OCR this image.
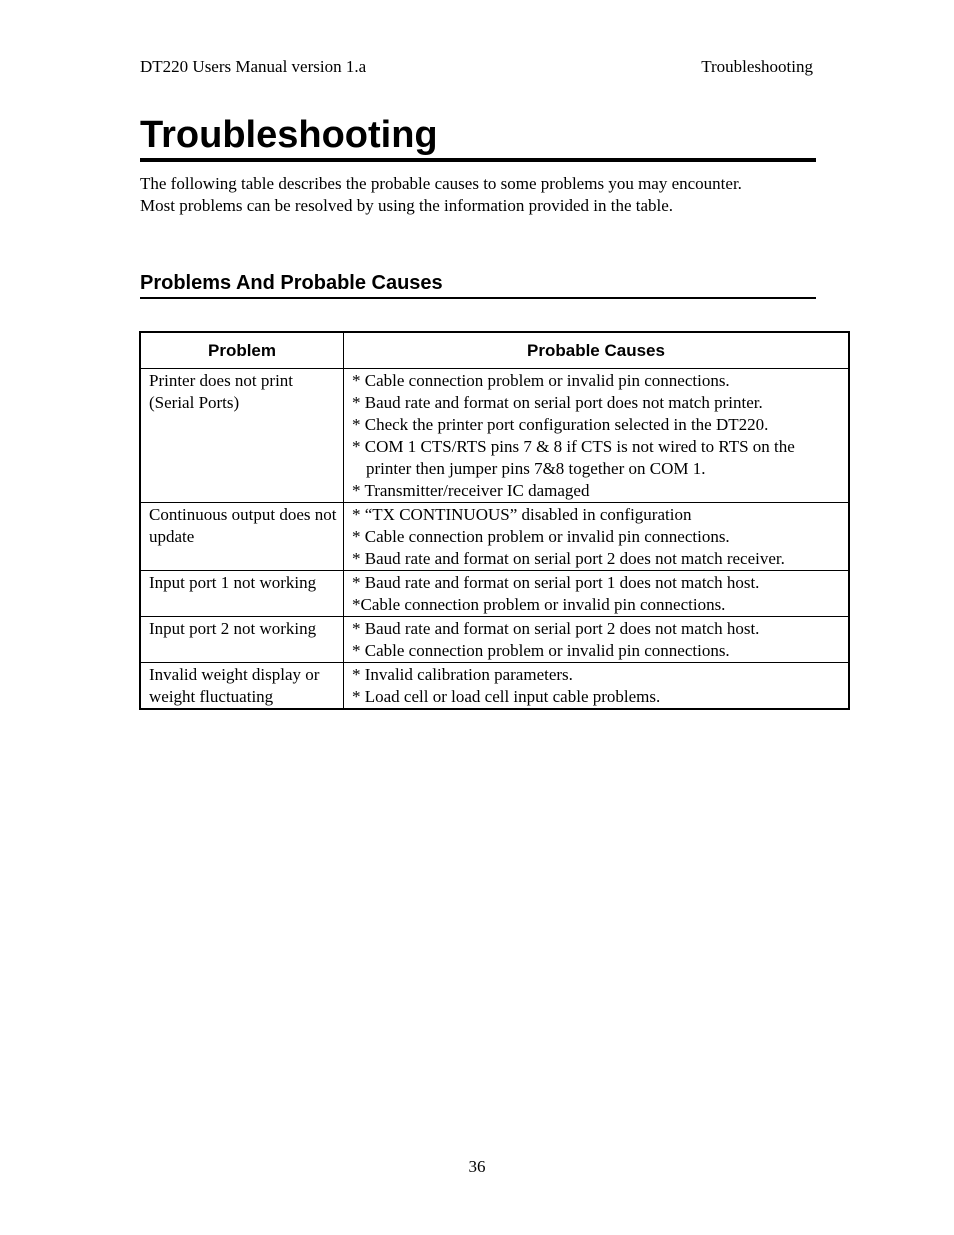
DT220 Users Manual version 1.a	Troubleshooting
Troubleshooting

The following table describes the probable causes to some problems you may encounter.

Most problems can be resolved by using the information provided in the table.

Problems And Probable Causes
Problem	Probable Causes
Printer does not print (Serial Ports)	* Cable connection problem or invalid pin connections.
* Baud rate and format on serial port does not match printer.
* Check the printer port configuration selected in the DT220.
* COM 1 CTS/RTS pins 7 & 8 if CTS is not wired to RTS on the printer then jumper pins 7&8 together on COM 1.
* Transmitter/receiver IC damaged

Continuous output does not update	* “TX CONTINUOUS” disabled in configuration
* Cable connection problem or invalid pin connections.
* Baud rate and format on serial port 2 does not match receiver.

Input port 1 not working	* Baud rate and format on serial port 1 does not match host.
*Cable connection problem or invalid pin connections.

Input port 2 not working	* Baud rate and format on serial port 2 does not match host.
* Cable connection problem or invalid pin connections.

Invalid weight display or weight fluctuating	* Invalid calibration parameters.
* Load cell or load cell input cable problems.
36
